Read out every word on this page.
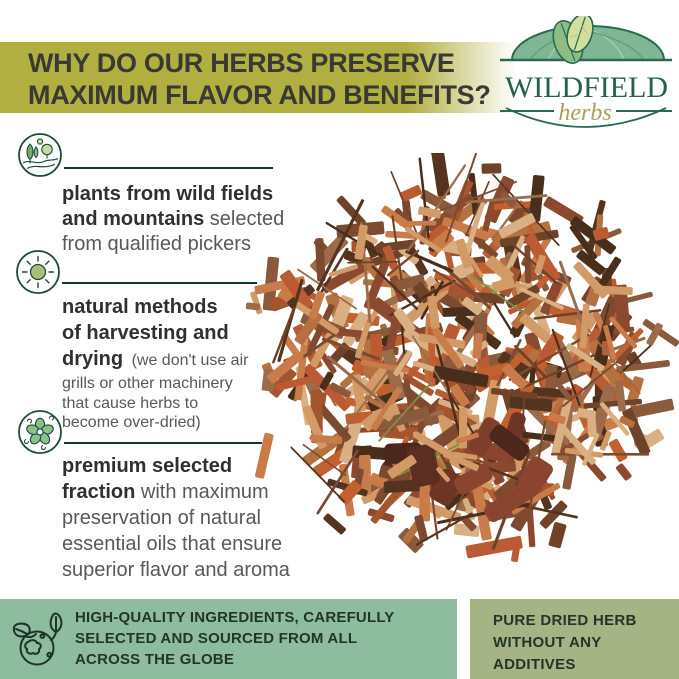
WHY DO OUR HERBS PRESERVE
MAXIMUM FLAVOR AND BENEFITS? WILDFIELD
herbs
plants from wild fields
and mountains selected
from qualified pickers
natural methods
of harvesting and
drying (we don't use air
grills or other machinery
that cause herbs to
become over-dried)
premium selected
fraction with maximum
preservation of natural
essential oils that ensure
superior flavor and aroma
HIGH-QUALITY INGREDIENTS, CAREFULLY
SELECTED AND SOURCED FROM ALL
ACROSS THE GLOBE
PURE DRIED HERB
WITHOUT ANY
ADDITIVES
